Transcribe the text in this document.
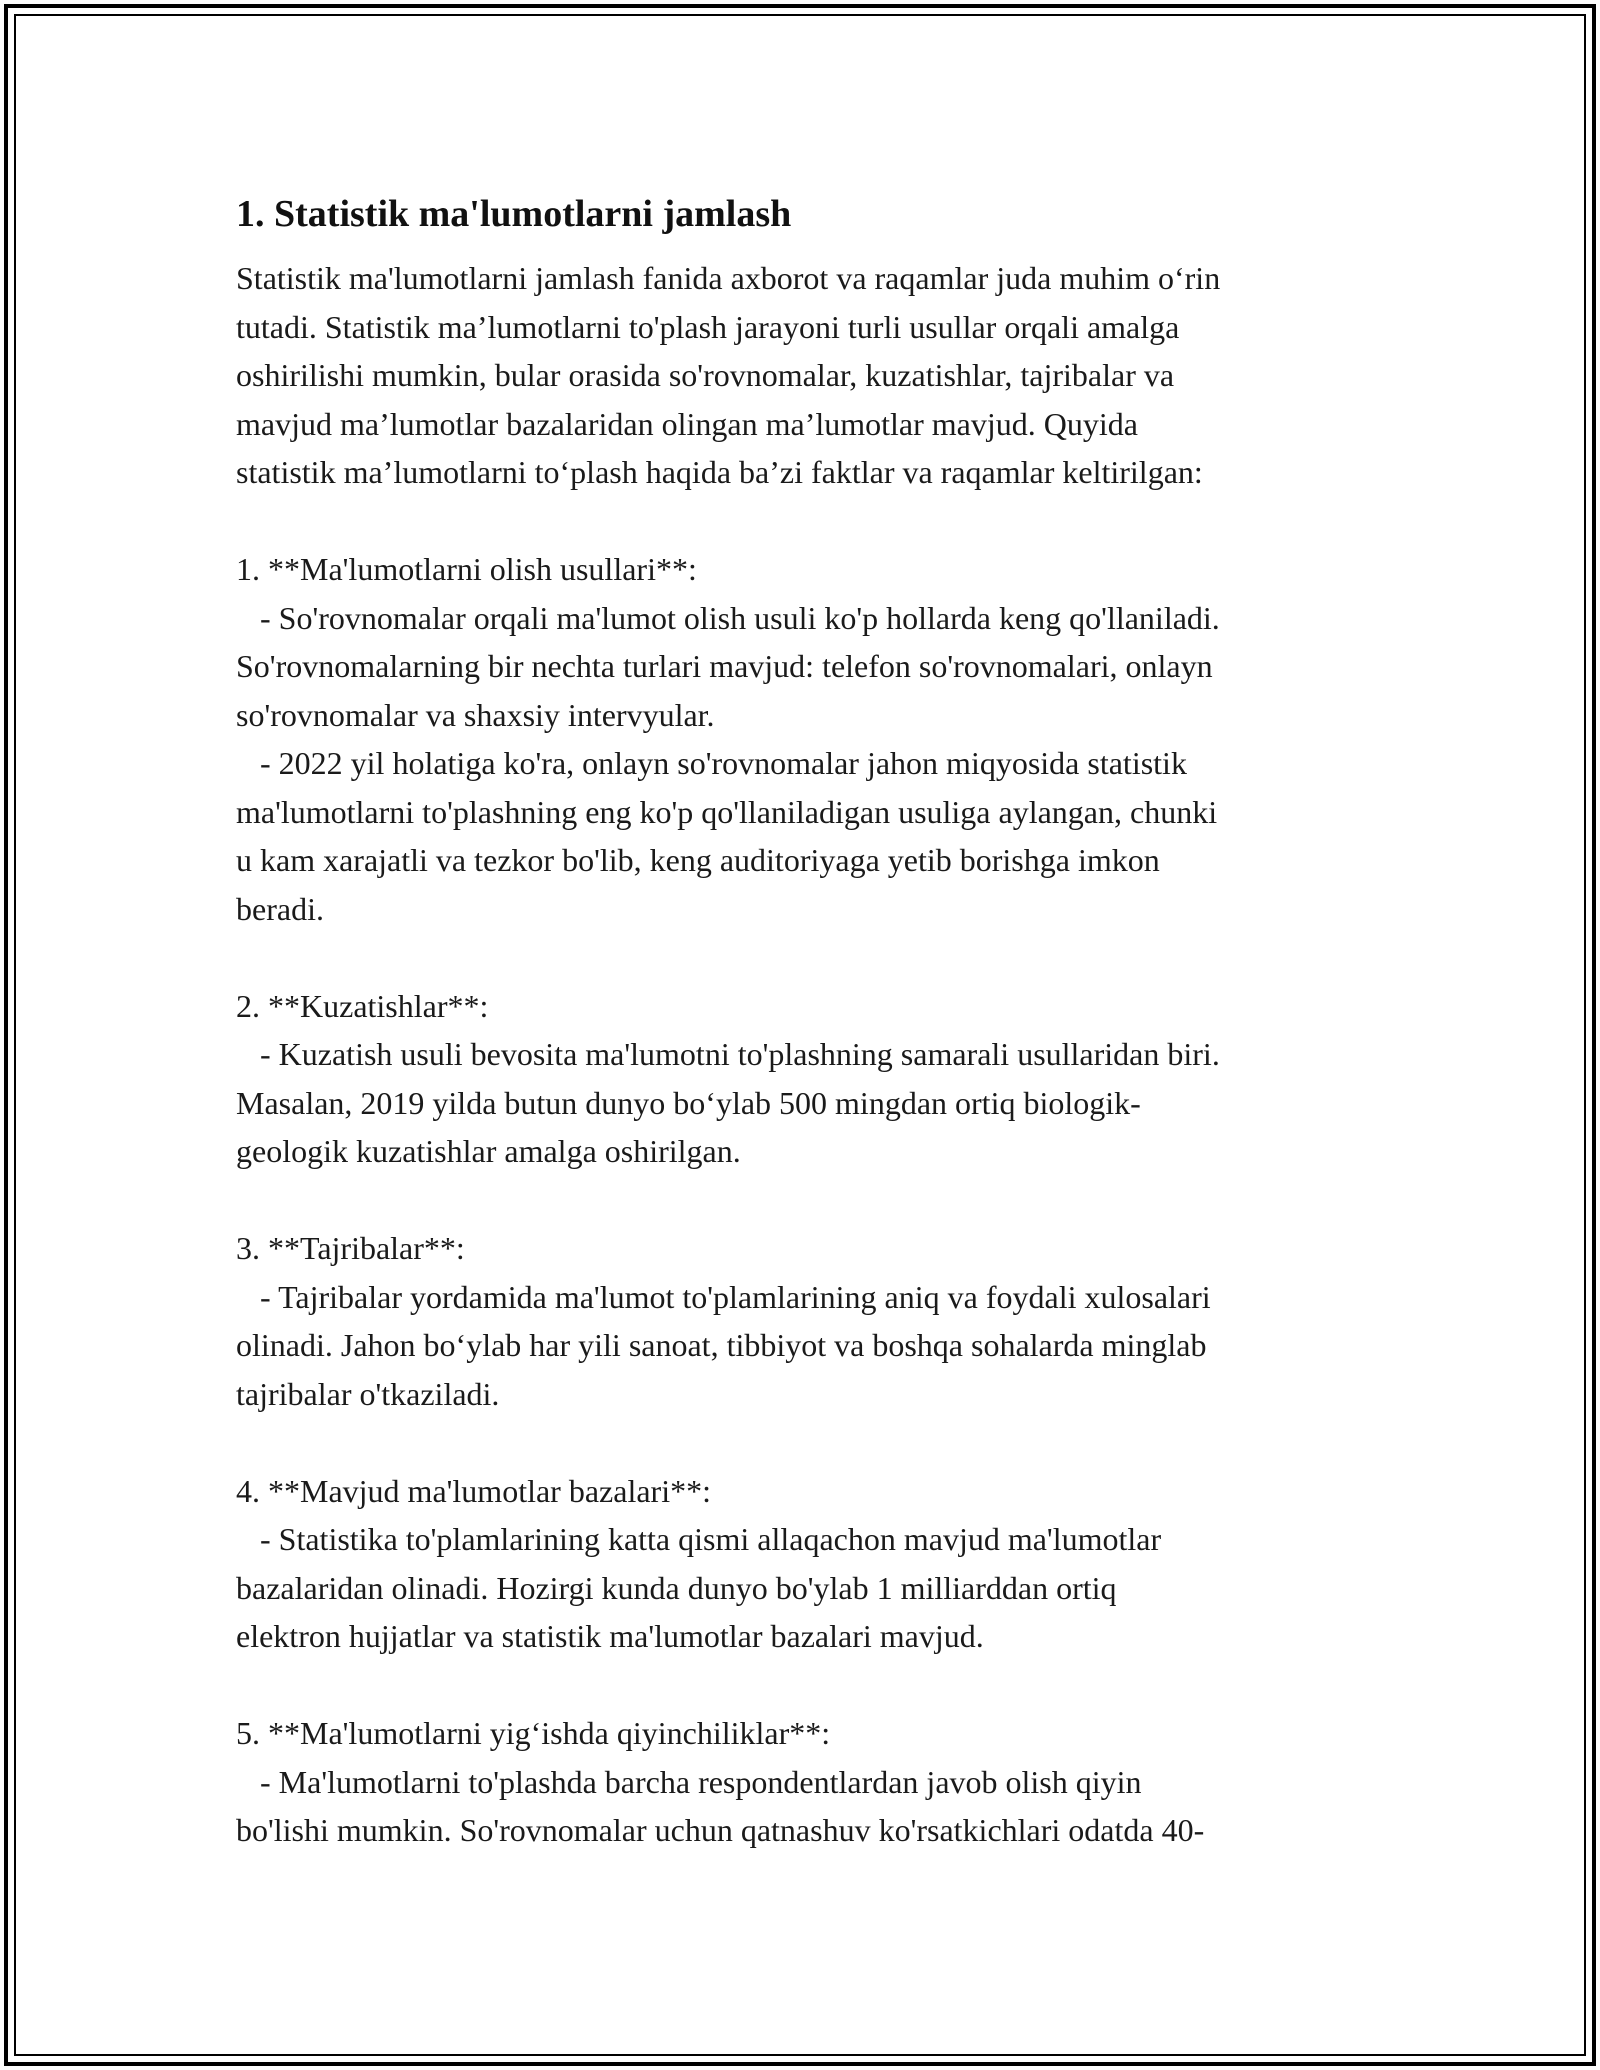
1. Statistik ma'lumotlarni jamlash

Statistik ma'lumotlarni jamlash fanida axborot va raqamlar juda muhim o‘rin
tutadi. Statistik ma’lumotlarni to'plash jarayoni turli usullar orqali amalga
oshirilishi mumkin, bular orasida so'rovnomalar, kuzatishlar, tajribalar va
mavjud ma’lumotlar bazalaridan olingan ma’lumotlar mavjud. Quyida
statistik ma’lumotlarni to‘plash haqida ba’zi faktlar va raqamlar keltirilgan:

1. **Ma'lumotlarni olish usullari**:
- So'rovnomalar orqali ma'lumot olish usuli ko'p hollarda keng qo'llaniladi.
So'rovnomalarning bir nechta turlari mavjud: telefon so'rovnomalari, onlayn
so'rovnomalar va shaxsiy intervyular.
- 2022 yil holatiga ko'ra, onlayn so'rovnomalar jahon miqyosida statistik
ma'lumotlarni to'plashning eng ko'p qo'llaniladigan usuliga aylangan, chunki
u kam xarajatli va tezkor bo'lib, keng auditoriyaga yetib borishga imkon
beradi.

2. **Kuzatishlar**:
- Kuzatish usuli bevosita ma'lumotni to'plashning samarali usullaridan biri.
Masalan, 2019 yilda butun dunyo bo‘ylab 500 mingdan ortiq biologik-
geologik kuzatishlar amalga oshirilgan.

3. **Tajribalar**:
- Tajribalar yordamida ma'lumot to'plamlarining aniq va foydali xulosalari
olinadi. Jahon bo‘ylab har yili sanoat, tibbiyot va boshqa sohalarda minglab
tajribalar o'tkaziladi.

4. **Mavjud ma'lumotlar bazalari**:
- Statistika to'plamlarining katta qismi allaqachon mavjud ma'lumotlar
bazalaridan olinadi. Hozirgi kunda dunyo bo'ylab 1 milliarddan ortiq
elektron hujjatlar va statistik ma'lumotlar bazalari mavjud.

5. **Ma'lumotlarni yig‘ishda qiyinchiliklar**:
- Ma'lumotlarni to'plashda barcha respondentlardan javob olish qiyin
bo'lishi mumkin. So'rovnomalar uchun qatnashuv ko'rsatkichlari odatda 40-
